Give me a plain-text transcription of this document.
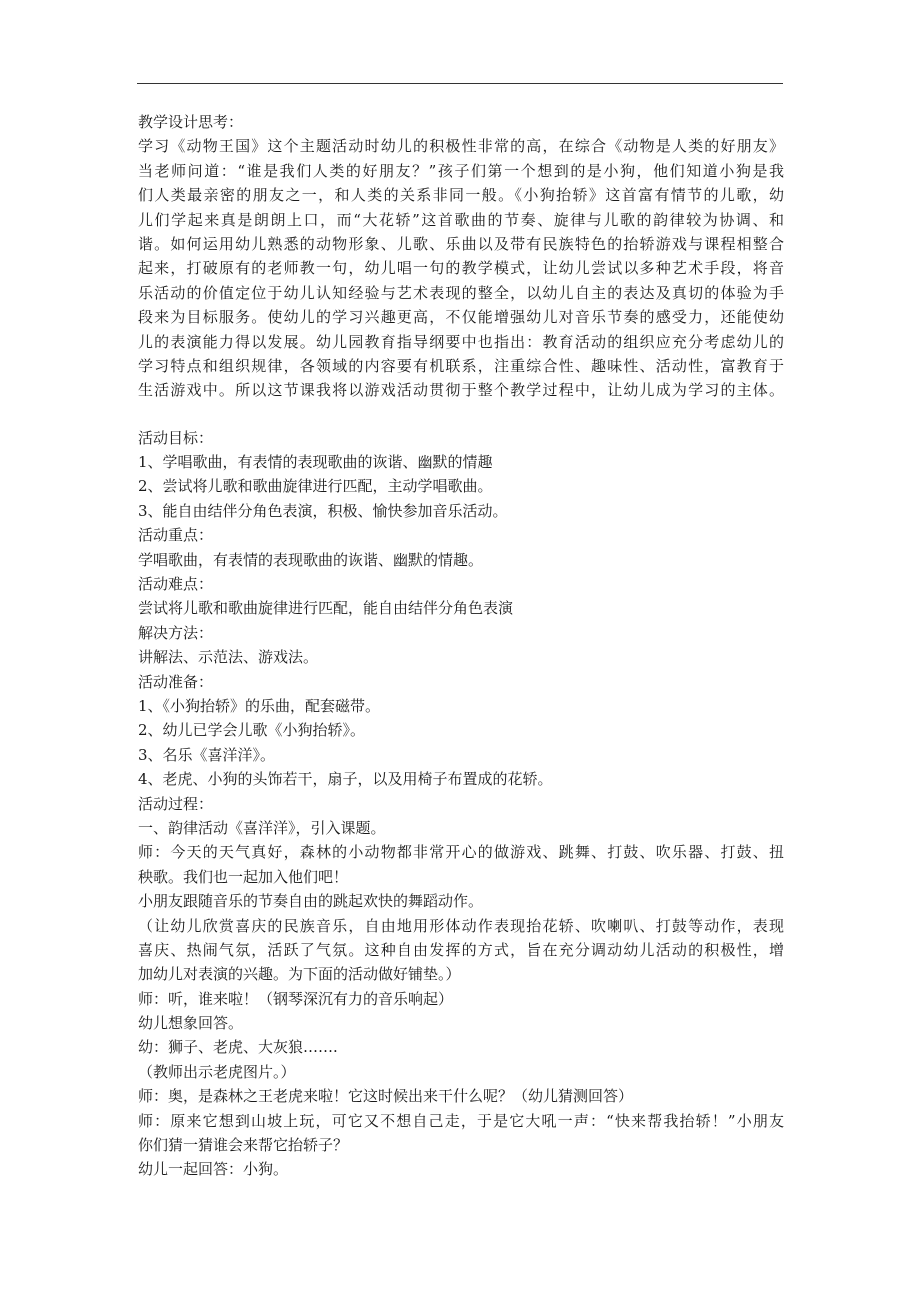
教学设计思考：
学习《动物王国》这个主题活动时幼儿的积极性非常的高，在综合《动物是人类的好朋友》
当老师问道：“谁是我们人类的好朋友？”孩子们第一个想到的是小狗，他们知道小狗是我
们人类最亲密的朋友之一，和人类的关系非同一般。《小狗抬轿》这首富有情节的儿歌，幼
儿们学起来真是朗朗上口，而“大花轿”这首歌曲的节奏、旋律与儿歌的韵律较为协调、和
谐。如何运用幼儿熟悉的动物形象、儿歌、乐曲以及带有民族特色的抬轿游戏与课程相整合
起来，打破原有的老师教一句，幼儿唱一句的教学模式，让幼儿尝试以多种艺术手段，将音
乐活动的价值定位于幼儿认知经验与艺术表现的整全，以幼儿自主的表达及真切的体验为手
段来为目标服务。使幼儿的学习兴趣更高，不仅能增强幼儿对音乐节奏的感受力，还能使幼
儿的表演能力得以发展。幼儿园教育指导纲要中也指出：教育活动的组织应充分考虑幼儿的
学习特点和组织规律，各领域的内容要有机联系，注重综合性、趣味性、活动性，富教育于
生活游戏中。所以这节课我将以游戏活动贯彻于整个教学过程中，让幼儿成为学习的主体。
活动目标：
1、学唱歌曲，有表情的表现歌曲的诙谐、幽默的情趣
2、尝试将儿歌和歌曲旋律进行匹配，主动学唱歌曲。
3、能自由结伴分角色表演，积极、愉快参加音乐活动。
活动重点：
学唱歌曲，有表情的表现歌曲的诙谐、幽默的情趣。
活动难点：
尝试将儿歌和歌曲旋律进行匹配，能自由结伴分角色表演
解决方法：
讲解法、示范法、游戏法。
活动准备：
1、《小狗抬轿》的乐曲，配套磁带。
2、幼儿已学会儿歌《小狗抬轿》。
3、名乐《喜洋洋》。
4、老虎、小狗的头饰若干，扇子，以及用椅子布置成的花轿。
活动过程：
一、韵律活动《喜洋洋》，引入课题。
师：今天的天气真好，森林的小动物都非常开心的做游戏、跳舞、打鼓、吹乐器、打鼓、扭
秧歌。我们也一起加入他们吧！
小朋友跟随音乐的节奏自由的跳起欢快的舞蹈动作。
（让幼儿欣赏喜庆的民族音乐，自由地用形体动作表现抬花轿、吹喇叭、打鼓等动作，表现
喜庆、热闹气氛，活跃了气氛。这种自由发挥的方式，旨在充分调动幼儿活动的积极性，增
加幼儿对表演的兴趣。为下面的活动做好铺垫。）
师：听，谁来啦！（钢琴深沉有力的音乐响起）
幼儿想象回答。
幼：狮子、老虎、大灰狼…….
（教师出示老虎图片。）
师：奥，是森林之王老虎来啦！它这时候出来干什么呢？（幼儿猜测回答）
师：原来它想到山坡上玩，可它又不想自己走，于是它大吼一声：“快来帮我抬轿！”小朋友
你们猜一猜谁会来帮它抬轿子？
幼儿一起回答：小狗。
